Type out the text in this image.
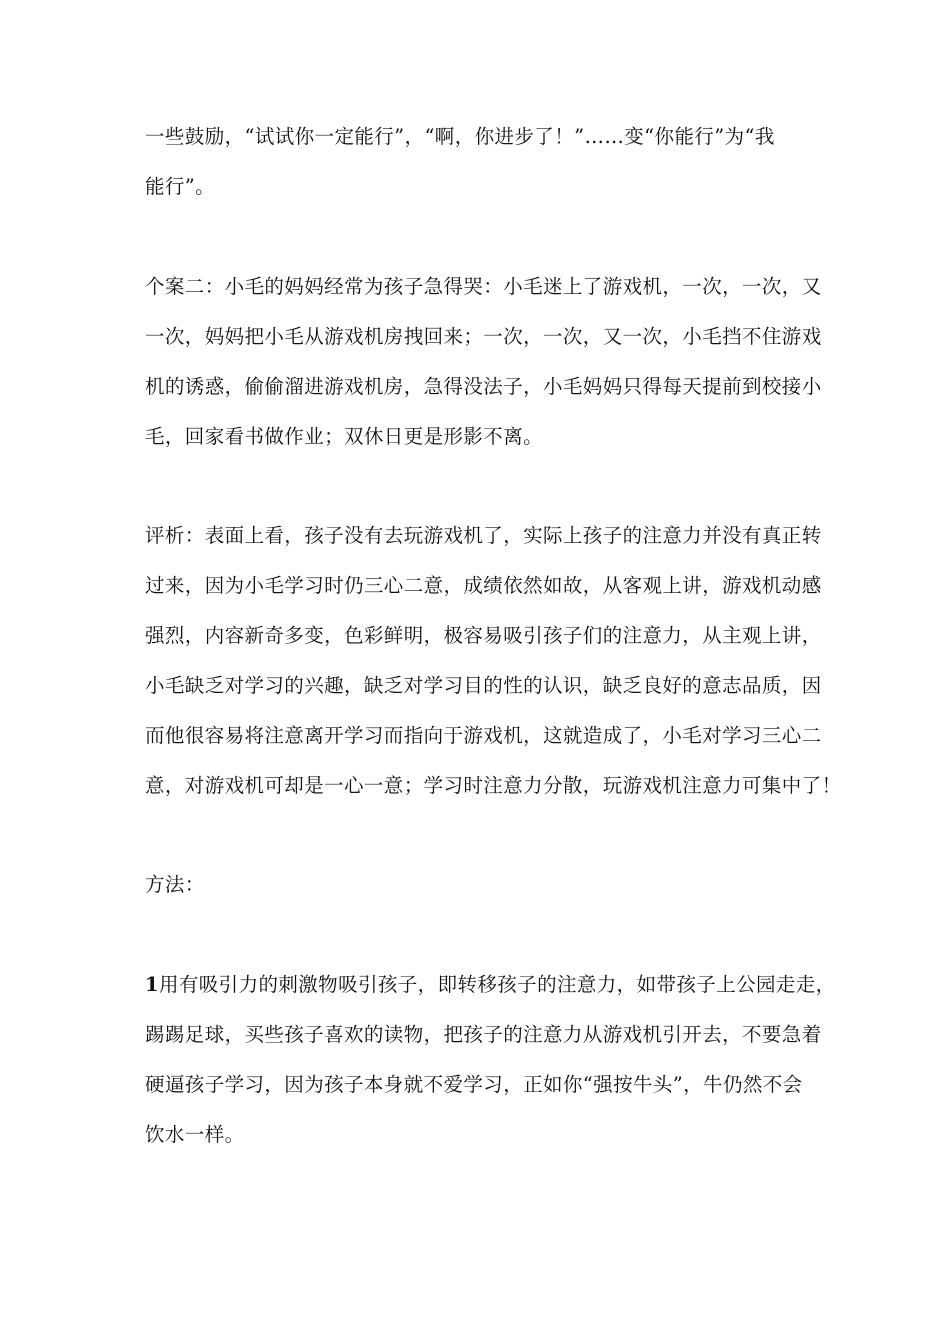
一些鼓励，“试试你一定能行”，“啊，你进步了！”……变“你能行”为“我
能行”。
个案二：小毛的妈妈经常为孩子急得哭：小毛迷上了游戏机，一次，一次，又
一次，妈妈把小毛从游戏机房拽回来；一次，一次，又一次，小毛挡不住游戏
机的诱惑，偷偷溜进游戏机房，急得没法子，小毛妈妈只得每天提前到校接小
毛，回家看书做作业；双休日更是形影不离。
评析：表面上看，孩子没有去玩游戏机了，实际上孩子的注意力并没有真正转
过来，因为小毛学习时仍三心二意，成绩依然如故，从客观上讲，游戏机动感
强烈，内容新奇多变，色彩鲜明，极容易吸引孩子们的注意力，从主观上讲，
小毛缺乏对学习的兴趣，缺乏对学习目的性的认识，缺乏良好的意志品质，因
而他很容易将注意离开学习而指向于游戏机，这就造成了，小毛对学习三心二
意，对游戏机可却是一心一意；学习时注意力分散，玩游戏机注意力可集中了！
方法：
1用有吸引力的刺激物吸引孩子，即转移孩子的注意力，如带孩子上公园走走，
踢踢足球，买些孩子喜欢的读物，把孩子的注意力从游戏机引开去，不要急着
硬逼孩子学习，因为孩子本身就不爱学习，正如你“强按牛头”，牛仍然不会
饮水一样。
